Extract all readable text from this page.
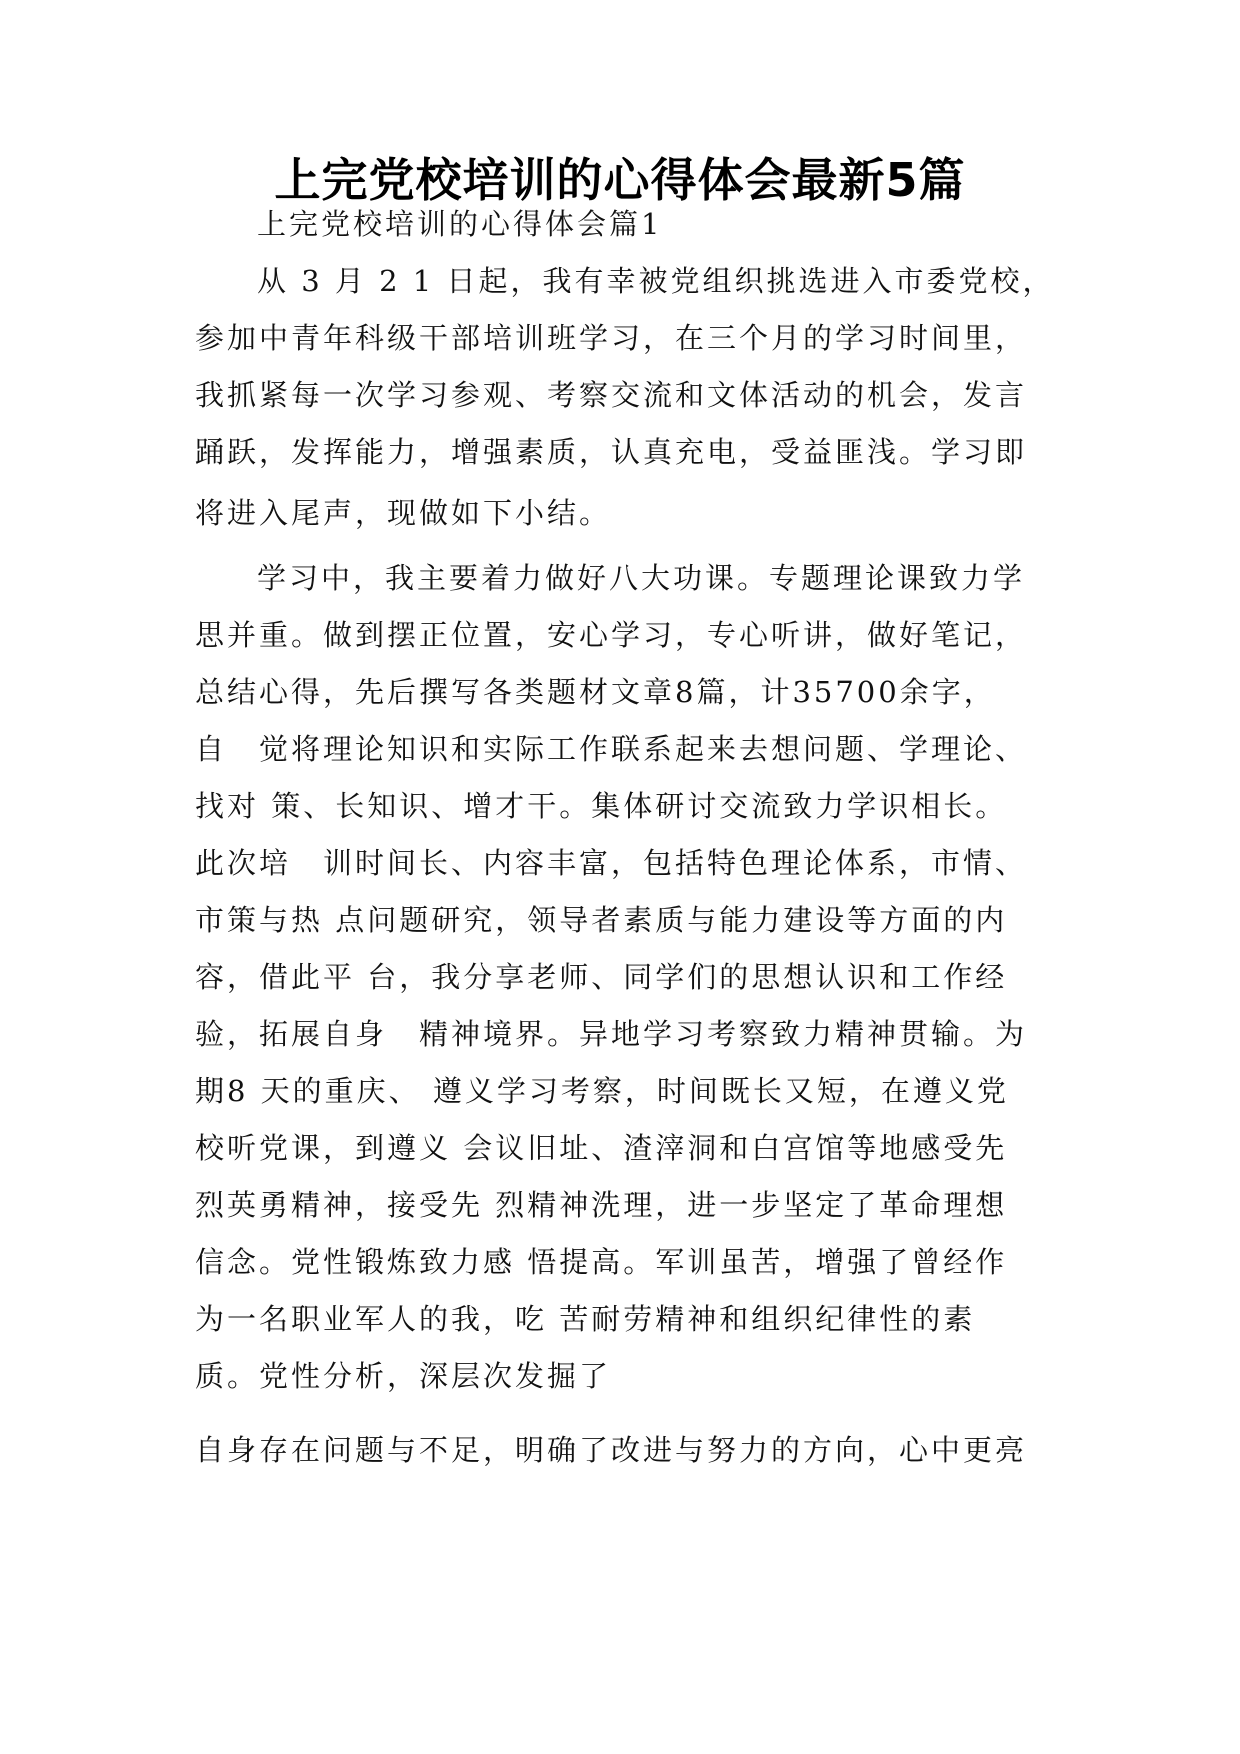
上完党校培训的心得体会最新5篇
上完党校培训的心得体会篇1
从 3 月 2 1 日起，我有幸被党组织挑选进入市委党校，
参加中青年科级干部培训班学习，在三个月的学习时间里，
我抓紧每一次学习参观、考察交流和文体活动的机会，发言
踊跃，发挥能力，增强素质，认真充电，受益匪浅。学习即
将进入尾声，现做如下小结。
学习中，我主要着力做好八大功课。专题理论课致力学
思并重。做到摆正位置，安心学习，专心听讲，做好笔记，
总结心得，先后撰写各类题材文章8篇，计35700余字，
自　觉将理论知识和实际工作联系起来去想问题、学理论、
找对 策、长知识、增才干。集体研讨交流致力学识相长。
此次培　训时间长、内容丰富，包括特色理论体系，市情、
市策与热 点问题研究，领导者素质与能力建设等方面的内
容，借此平 台，我分享老师、同学们的思想认识和工作经
验，拓展自身　精神境界。异地学习考察致力精神贯输。为
期8 天的重庆、 遵义学习考察，时间既长又短，在遵义党
校听党课，到遵义 会议旧址、渣滓洞和白宫馆等地感受先
烈英勇精神，接受先 烈精神洗理，进一步坚定了革命理想
信念。党性锻炼致力感 悟提高。军训虽苦，增强了曾经作
为一名职业军人的我，吃 苦耐劳精神和组织纪律性的素
质。党性分析，深层次发掘了
自身存在问题与不足，明确了改进与努力的方向，心中更亮
